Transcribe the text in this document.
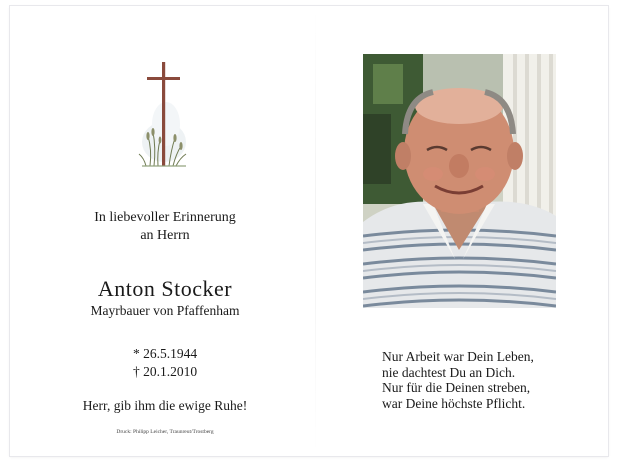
In liebevoller Erinnerung
an Herrn
Anton Stocker
Mayrbauer von Pfaffenham
* 26.5.1944
† 20.1.2010
Herr, gib ihm die ewige Ruhe!
Druck: Philipp Leicher, Traunreut/Trostberg
Nur Arbeit war Dein Leben,
nie dachtest Du an Dich.
Nur für die Deinen streben,
war Deine höchste Pflicht.
